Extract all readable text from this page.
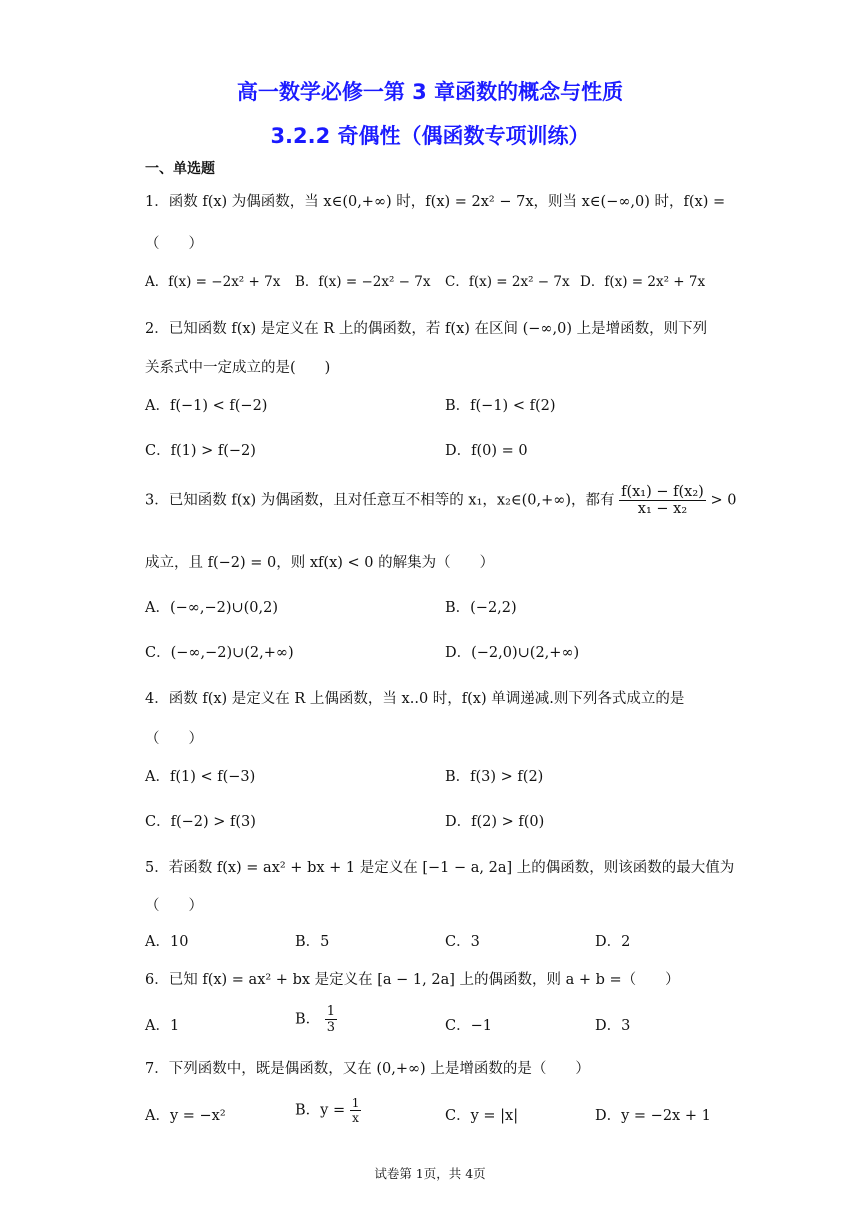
高一数学必修一第 3 章函数的概念与性质
3.2.2 奇偶性（偶函数专项训练）
一、单选题
1．函数 f(x) 为偶函数，当 x∈(0,+∞) 时，f(x) = 2x² − 7x，则当 x∈(−∞,0) 时，f(x) =
（　　）
A．f(x) = −2x² + 7x B．f(x) = −2x² − 7x C．f(x) = 2x² − 7x D．f(x) = 2x² + 7x
2．已知函数 f(x) 是定义在 R 上的偶函数，若 f(x) 在区间 (−∞,0) 上是增函数，则下列
关系式中一定成立的是(　　)
A．f(−1) < f(−2)	B．f(−1) < f(2)
C．f(1) > f(−2)	D．f(0) = 0
3．已知函数 f(x) 为偶函数，且对任意互不相等的 x₁，x₂∈(0,+∞)，都有 $\frac{\text{f(x₁) − f(x₂)}}{\text{x₁ − x₂}} > 0$
成立，且 f(−2) = 0，则 xf(x) < 0 的解集为（　　）
A．(−∞,−2)∪(0,2)	B．(−2,2)
C．(−∞,−2)∪(2,+∞)	D．(−2,0)∪(2,+∞)
4．函数 f(x) 是定义在 R 上偶函数，当 x..0 时，f(x) 单调递减.则下列各式成立的是
（　　）
A．f(1) < f(−3)	B．f(3) > f(2)
C．f(−2) > f(3)	D．f(2) > f(0)
5．若函数 f(x) = ax² + bx + 1 是定义在 [−1 − a, 2a] 上的偶函数，则该函数的最大值为
（　　）
A．10	B．5	C．3	D．2
6．已知 f(x) = ax² + bx 是定义在 [a − 1, 2a] 上的偶函数，则 a + b =（　　）
A．1	B． $\frac{1}{3}$	C．−1	D．3
7．下列函数中，既是偶函数，又在 (0,+∞) 上是增函数的是（　　）
A．y = −x²	B．$y = \frac{1}{x}$	C．y = |x|	D．y = −2x + 1
试卷第 1页，共 4页
